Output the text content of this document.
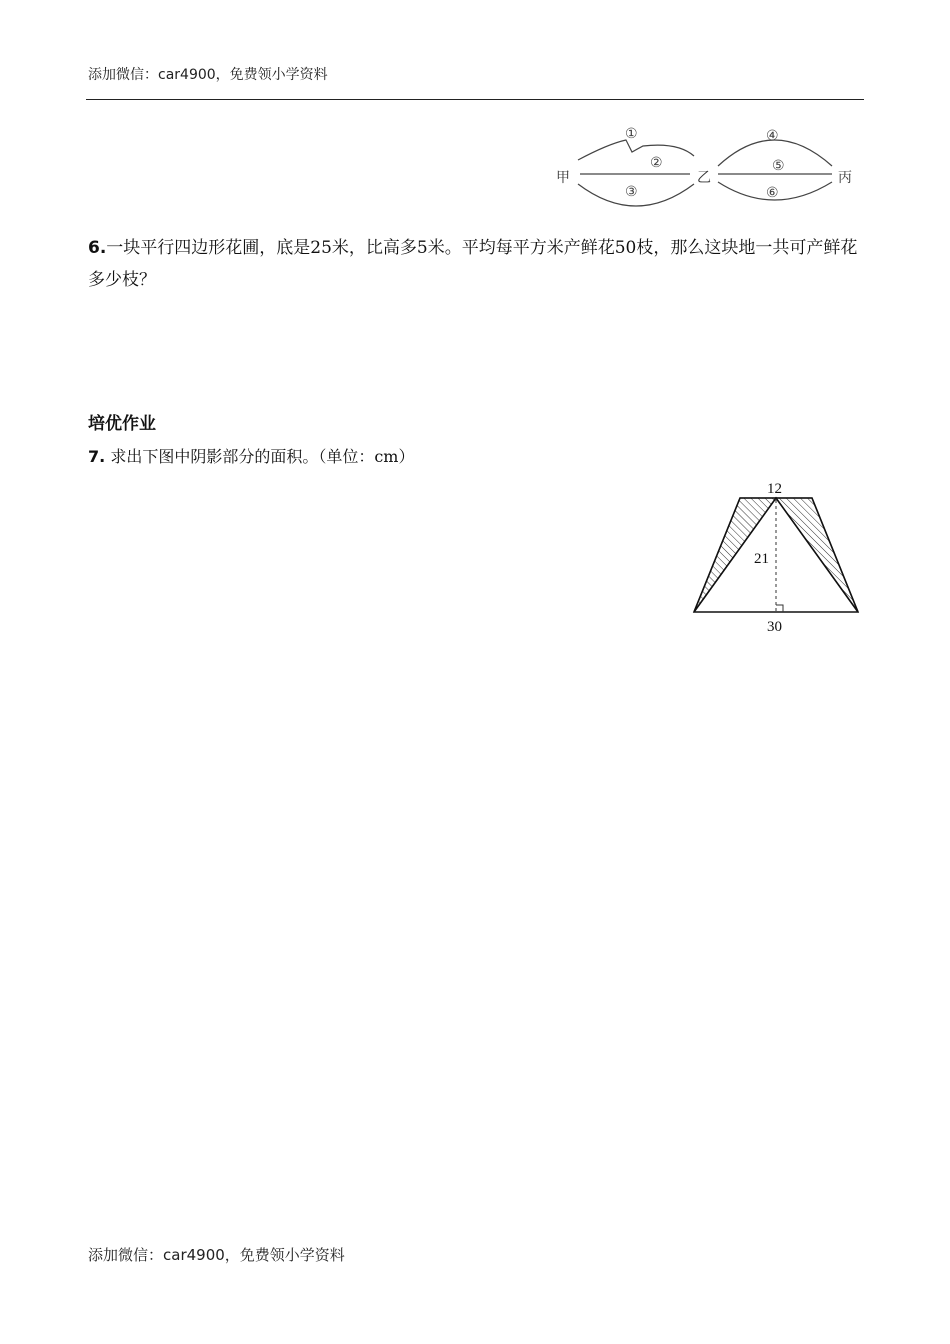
添加微信：car4900，免费领小学资料
甲	乙	丙
①
②
③
④
⑤
⑥
6.一块平行四边形花圃，底是25米，比高多5米。平均每平方米产鲜花50枝，那么这块地一共可产鲜花多少枝？
培优作业
7. 求出下图中阴影部分的面积。（单位：cm）
12
21
30
添加微信：car4900，免费领小学资料
